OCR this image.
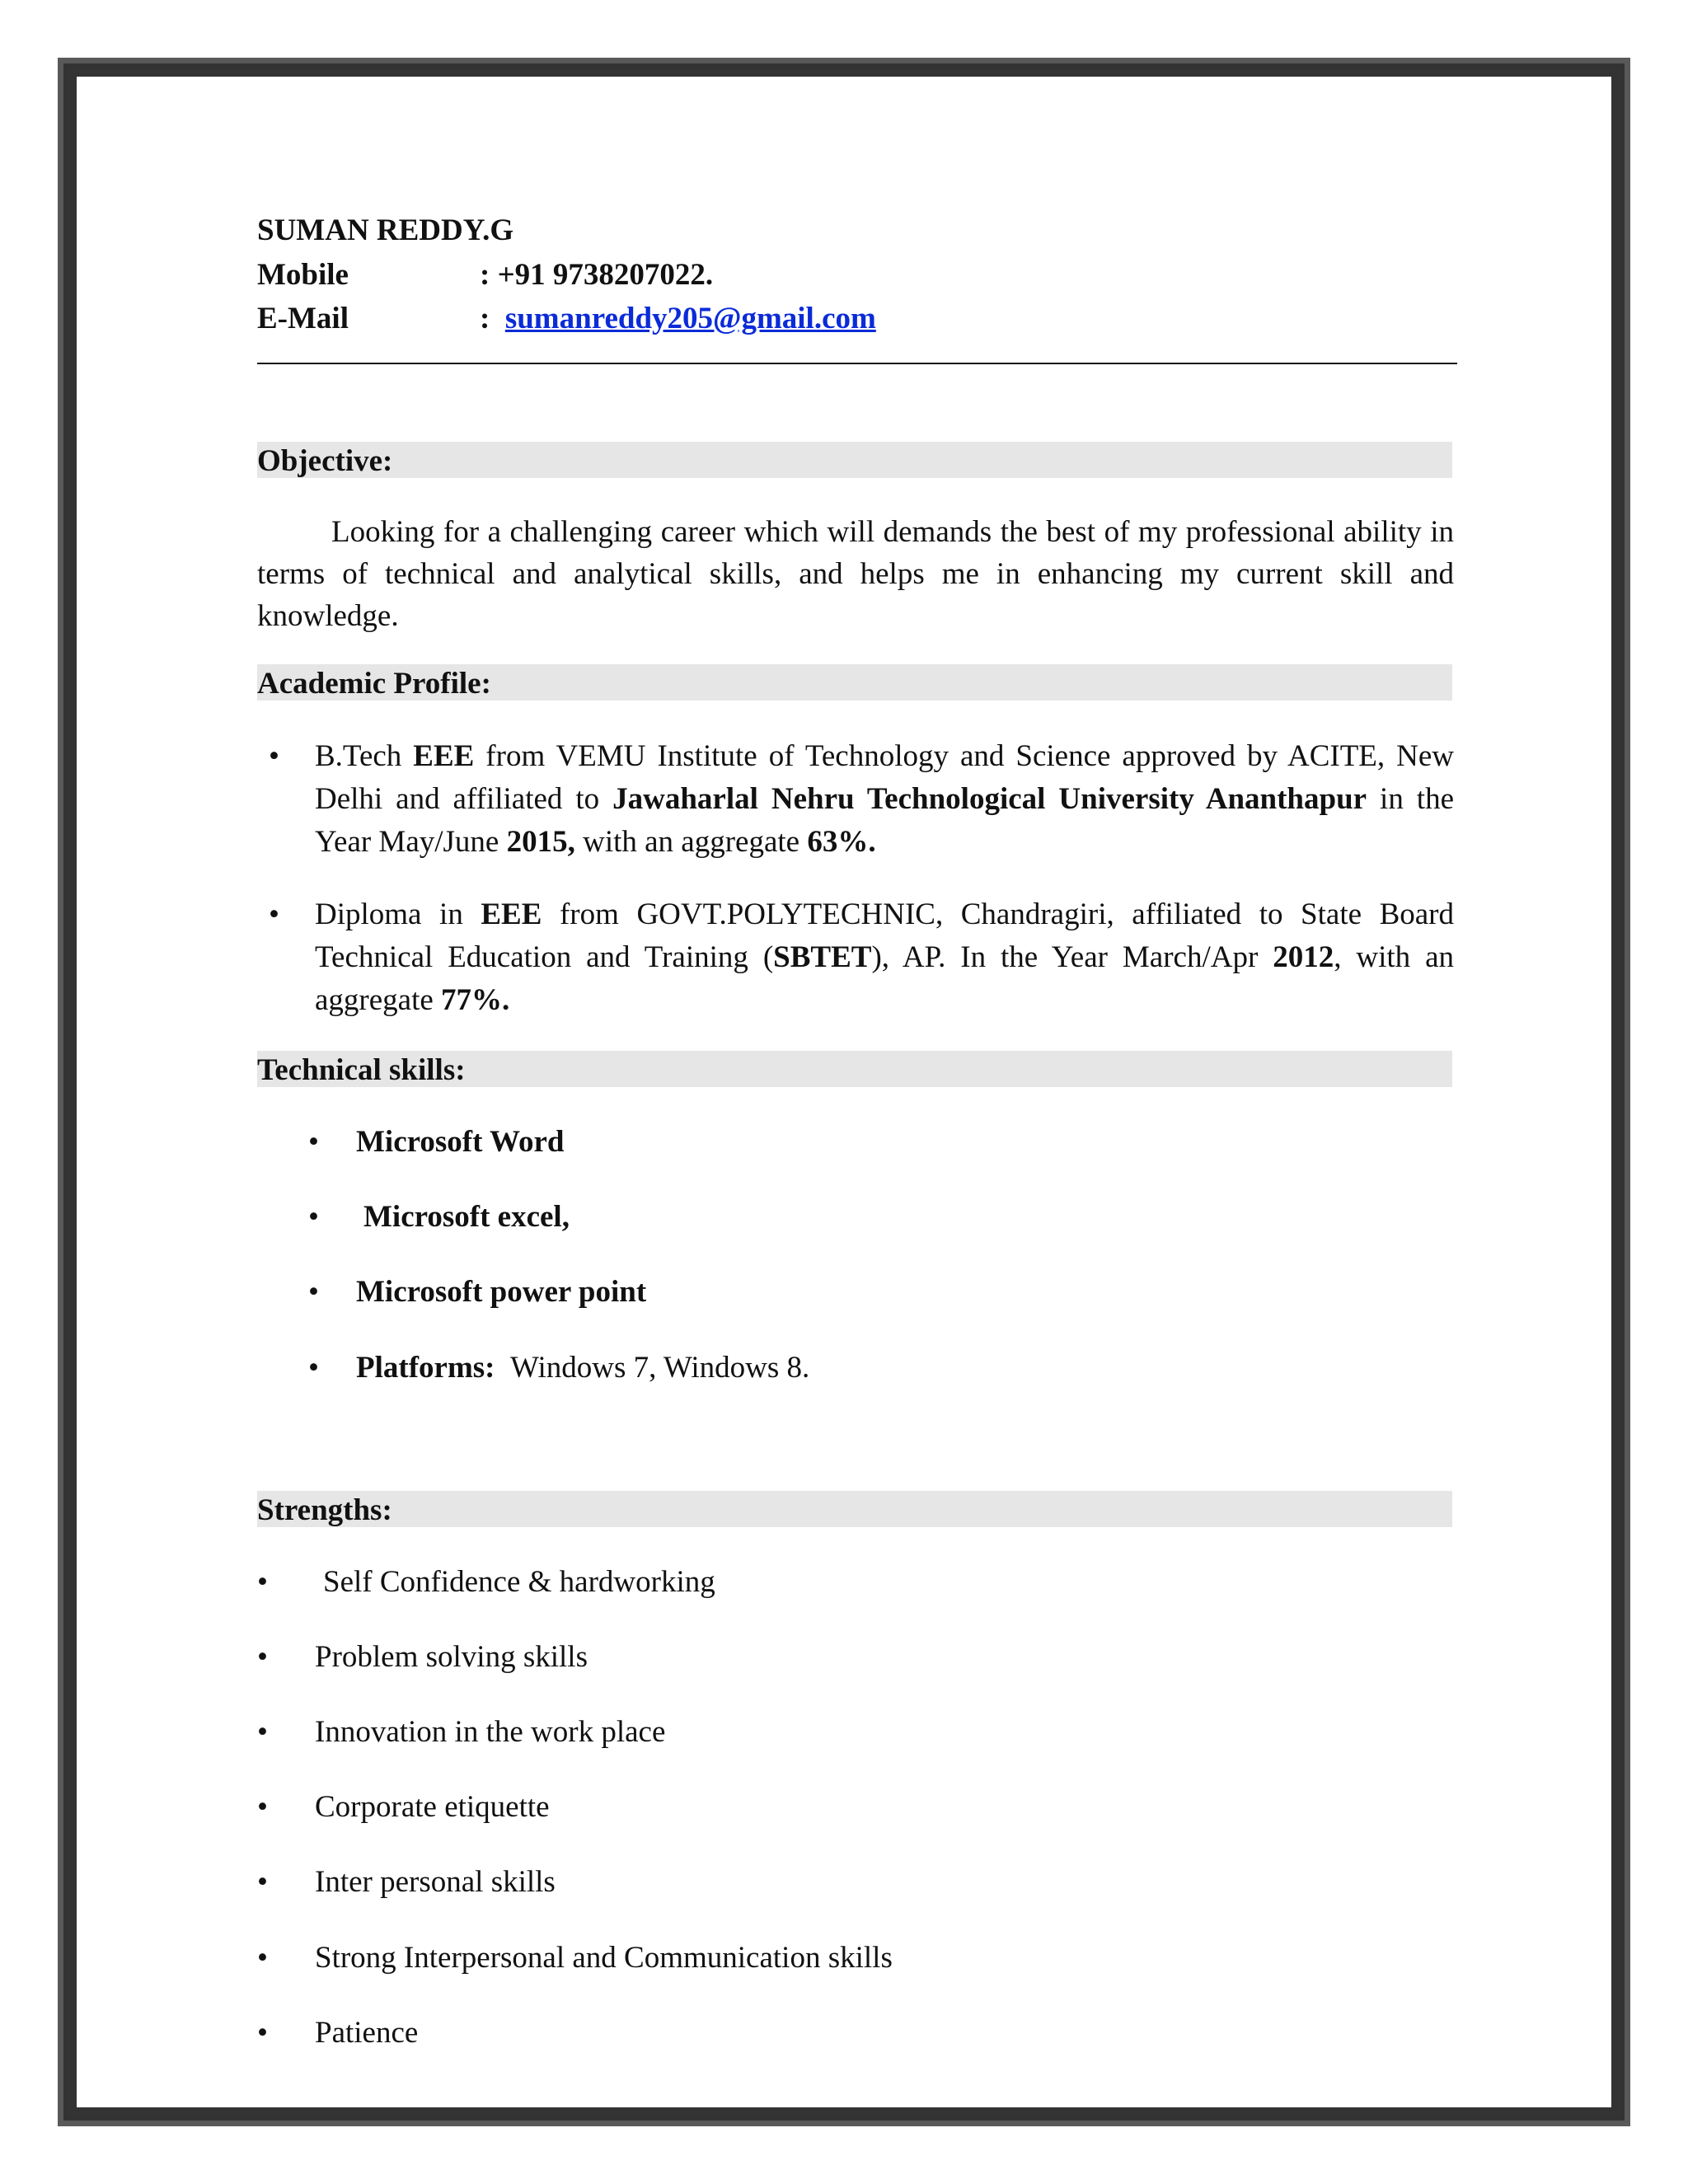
SUMAN REDDY.G
Mobile	: +91 9738207022.
E-Mail	: sumanreddy205@gmail.com
Objective:
Looking for a challenging career which will demands the best of my professional ability in terms of technical and analytical skills, and helps me in enhancing my current skill and knowledge.
Academic Profile:
• B.Tech EEE from VEMU Institute of Technology and Science approved by ACITE, New Delhi and affiliated to Jawaharlal Nehru Technological University Ananthapur in the Year May/June 2015, with an aggregate 63%.
• Diploma in EEE from GOVT.POLYTECHNIC, Chandragiri, affiliated to State Board Technical Education and Training (SBTET), AP. In the Year March/Apr 2012, with an aggregate 77%.
Technical skills:
• Microsoft Word
• Microsoft excel,
• Microsoft power point
• Platforms: Windows 7, Windows 8.
Strengths:
• Self Confidence & hardworking
• Problem solving skills
• Innovation in the work place
• Corporate etiquette
• Inter personal skills
• Strong Interpersonal and Communication skills
• Patience
